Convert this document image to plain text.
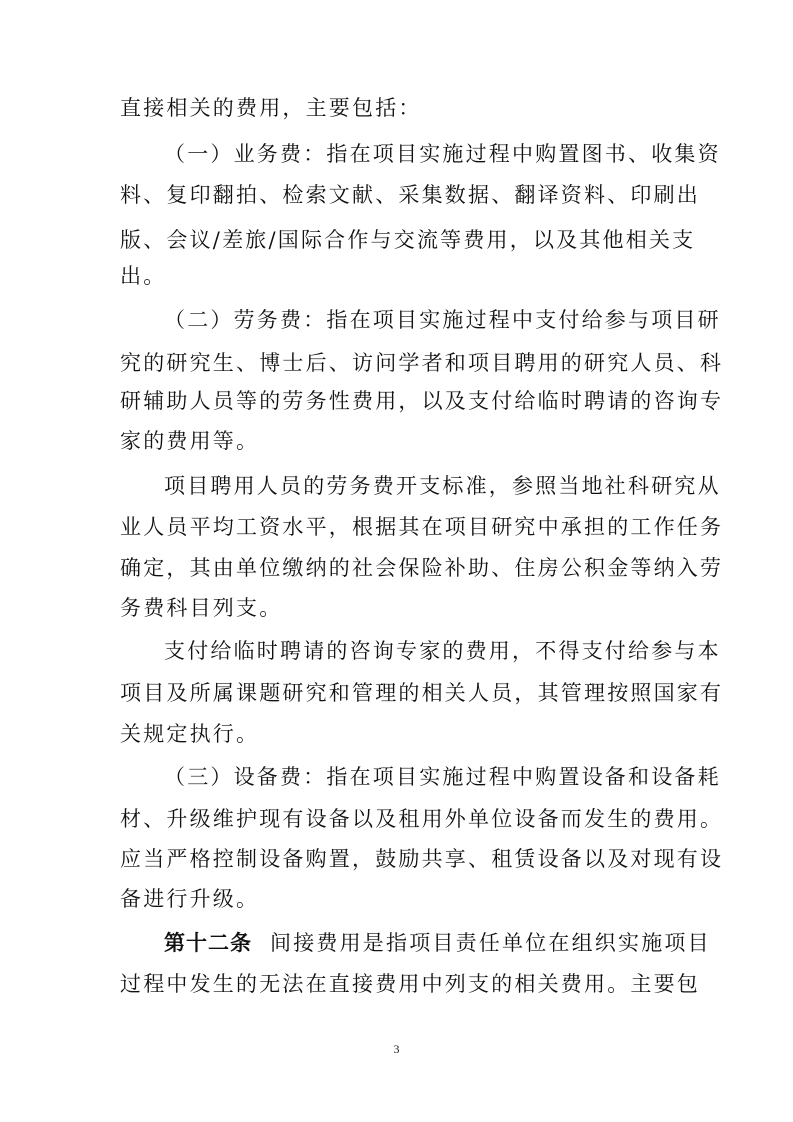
直接相关的费用，主要包括：
（一）业务费：指在项目实施过程中购置图书、收集资
料、复印翻拍、检索文献、采集数据、翻译资料、印刷出
版、会议/差旅/国际合作与交流等费用，以及其他相关支
出。
（二）劳务费：指在项目实施过程中支付给参与项目研
究的研究生、博士后、访问学者和项目聘用的研究人员、科
研辅助人员等的劳务性费用，以及支付给临时聘请的咨询专
家的费用等。
项目聘用人员的劳务费开支标准，参照当地社科研究从
业人员平均工资水平，根据其在项目研究中承担的工作任务
确定，其由单位缴纳的社会保险补助、住房公积金等纳入劳
务费科目列支。
支付给临时聘请的咨询专家的费用，不得支付给参与本
项目及所属课题研究和管理的相关人员，其管理按照国家有
关规定执行。
（三）设备费：指在项目实施过程中购置设备和设备耗
材、升级维护现有设备以及租用外单位设备而发生的费用。
应当严格控制设备购置，鼓励共享、租赁设备以及对现有设
备进行升级。
第十二条 间接费用是指项目责任单位在组织实施项目
过程中发生的无法在直接费用中列支的相关费用。主要包
3
